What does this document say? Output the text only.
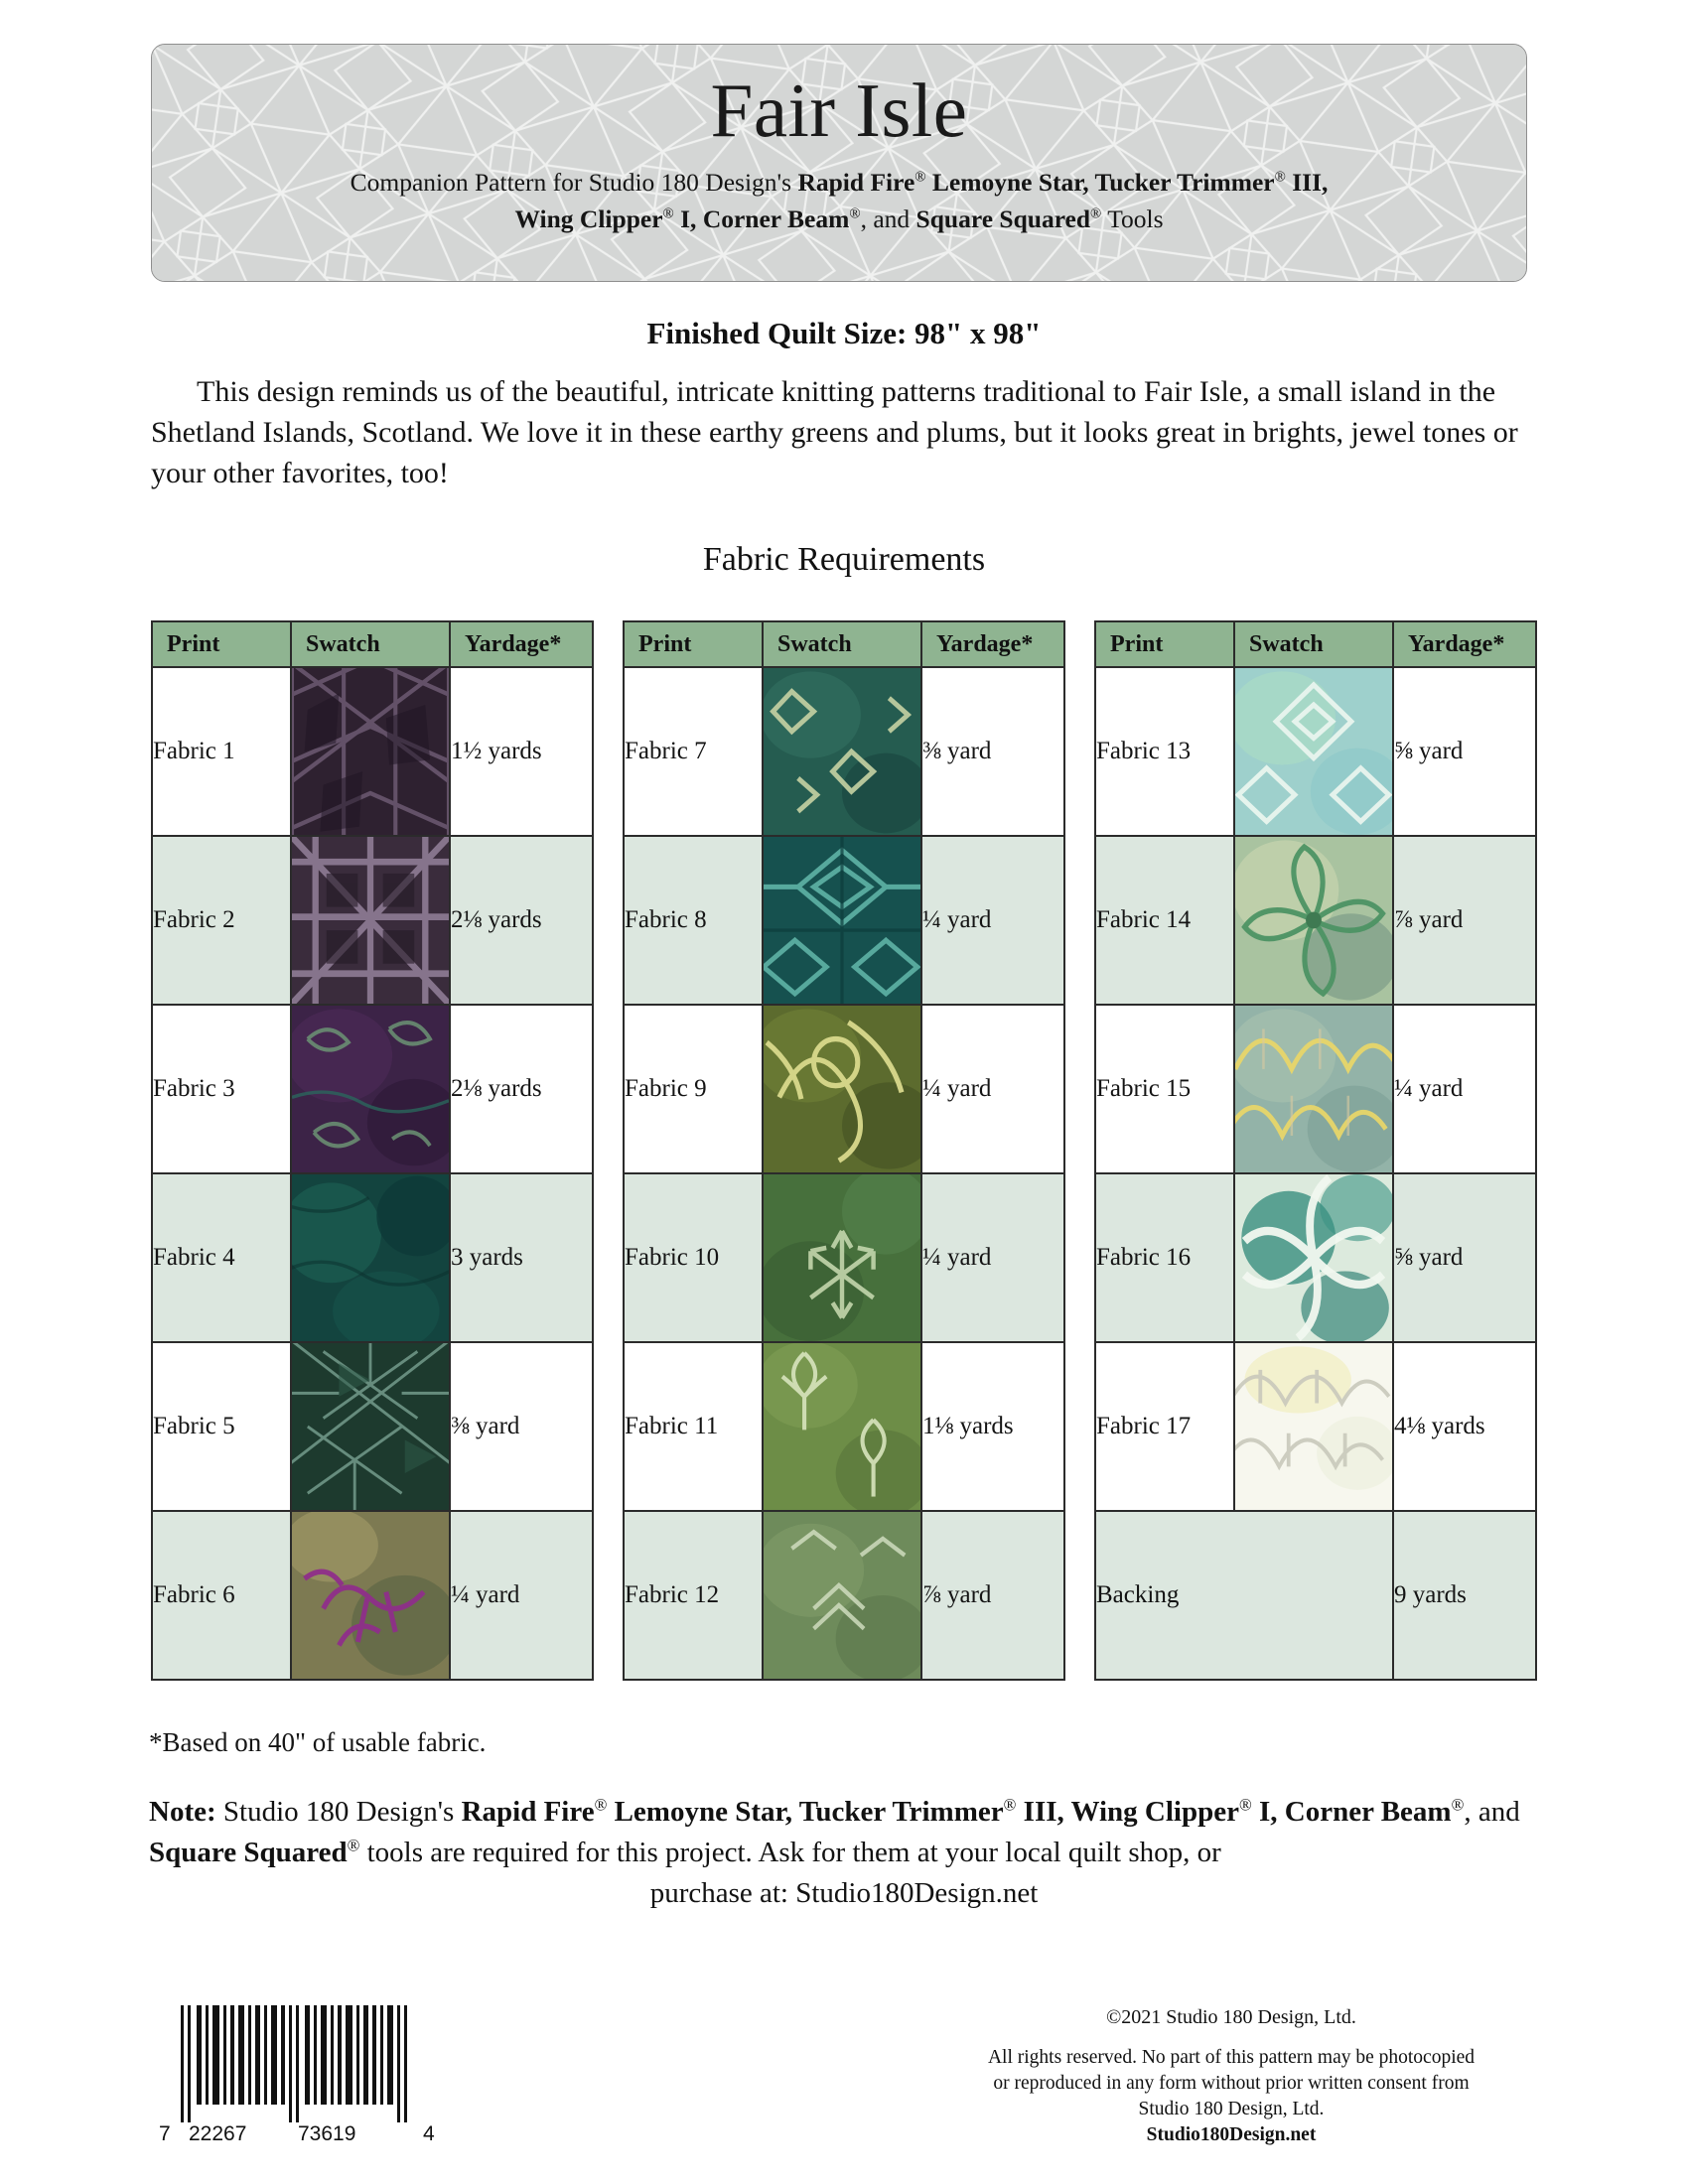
Fair Isle
Companion Pattern for Studio 180 Design's Rapid Fire® Lemoyne Star, Tucker Trimmer® III,
Wing Clipper® I, Corner Beam®, and Square Squared® Tools
Finished Quilt Size: 98" x 98"
This design reminds us of the beautiful, intricate knitting patterns traditional to Fair Isle, a small island in the Shetland Islands, Scotland. We love it in these earthy greens and plums, but it looks great in brights, jewel tones or your other favorites, too!
Fabric Requirements
Print	Swatch	Yardage*
Fabric 1		1½ yards
Fabric 2		2⅛ yards
Fabric 3		2⅛ yards
Fabric 4		3 yards
Fabric 5		⅜ yard
Fabric 6		¼ yard
Print	Swatch	Yardage*
Fabric 7		⅜ yard
Fabric 8		¼ yard
Fabric 9		¼ yard
Fabric 10		¼ yard
Fabric 11		1⅛ yards
Fabric 12		⅞ yard
Print	Swatch	Yardage*
Fabric 13		⅝ yard
Fabric 14		⅞ yard
Fabric 15		¼ yard
Fabric 16		⅝ yard
Fabric 17		4⅛ yards
Backing		9 yards
*Based on 40" of usable fabric.
Note: Studio 180 Design's Rapid Fire® Lemoyne Star, Tucker Trimmer® III, Wing Clipper® I, Corner Beam®, and Square Squared® tools are required for this project. Ask for them at your local quilt shop, or
purchase at: Studio180Design.net
7 22267 73619	4
©2021 Studio 180 Design, Ltd.
All rights reserved. No part of this pattern may be photocopied
or reproduced in any form without prior written consent from
Studio 180 Design, Ltd.
Studio180Design.net
